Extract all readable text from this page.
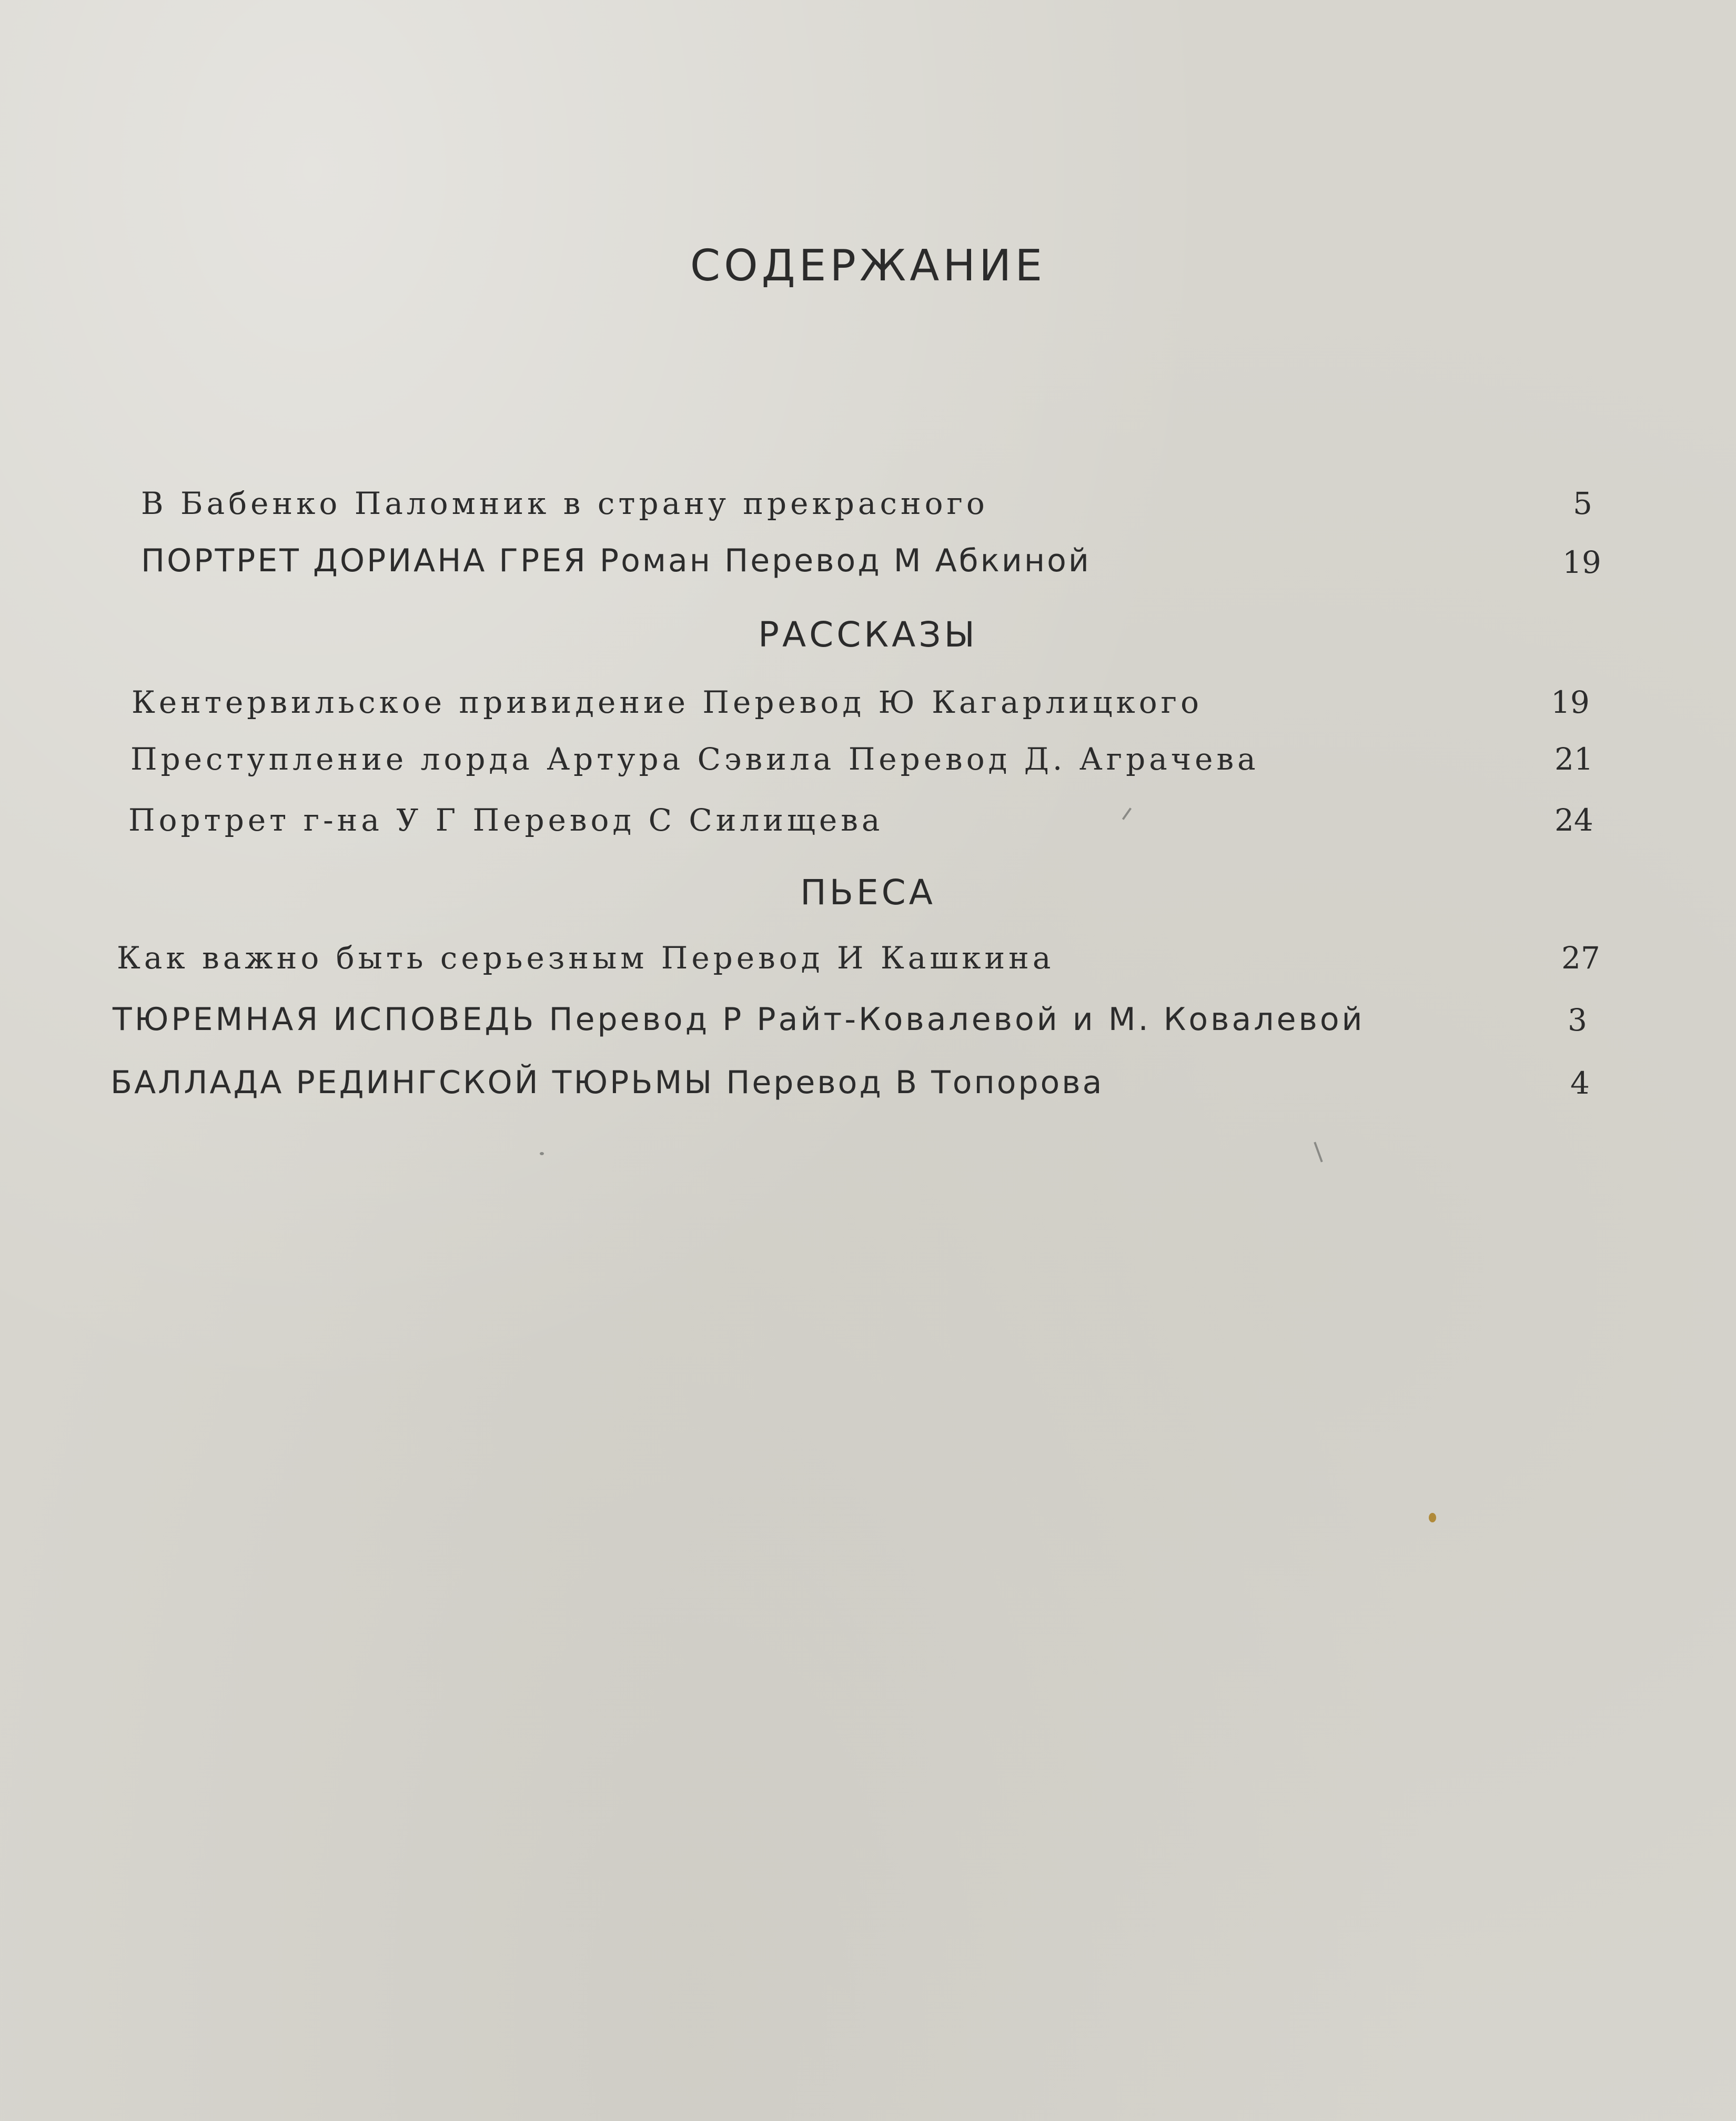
СОДЕРЖАНИЕ
В Бабенко Паломник в страну прекрасного	5
ПОРТРЕТ ДОРИАНА ГРЕЯ Роман Перевод М Абкиной	19
РАССКАЗЫ
Кентервильское привидение Перевод Ю Кагарлицкого	19
Преступление лорда Артура Сэвила Перевод Д. Аграчева	21
Портрет г-на У Г Перевод С Силищева	24
ПЬЕСА
Как важно быть серьезным Перевод И Кашкина	27
ТЮРЕМНАЯ ИСПОВЕДЬ Перевод Р Райт-Ковалевой и М. Ковалевой	3
БАЛЛАДА РЕДИНГСКОЙ ТЮРЬМЫ Перевод В Топорова	4
